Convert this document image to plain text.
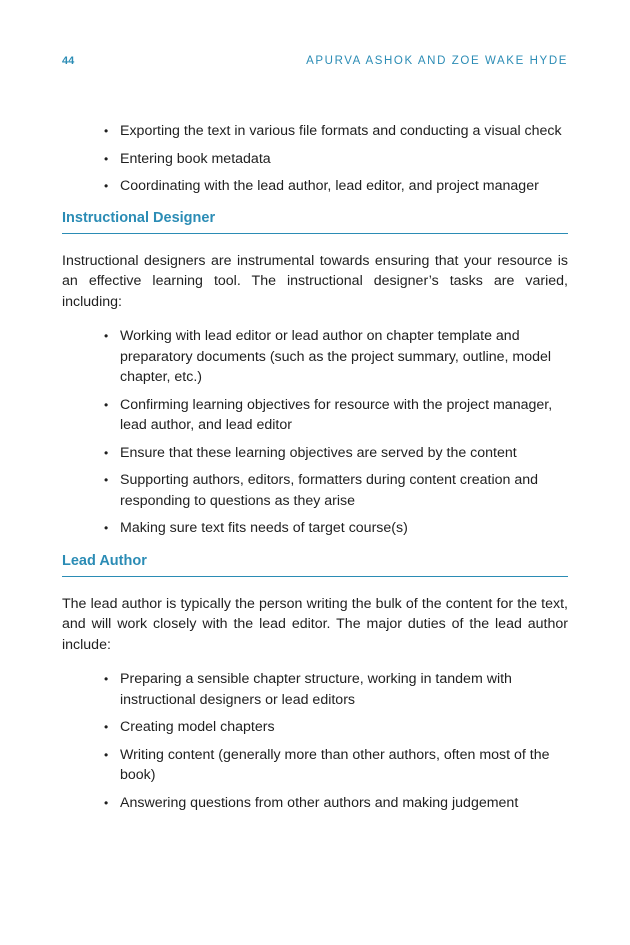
44	APURVA ASHOK AND ZOE WAKE HYDE
• Exporting the text in various file formats and conducting a visual check
• Entering book metadata
• Coordinating with the lead author, lead editor, and project manager
Instructional Designer

Instructional designers are instrumental towards ensuring that your resource is an effective learning tool. The instructional designer’s tasks are varied, including:

• Working with lead editor or lead author on chapter template and preparatory documents (such as the project summary, outline, model chapter, etc.)
• Confirming learning objectives for resource with the project manager, lead author, and lead editor
• Ensure that these learning objectives are served by the content
• Supporting authors, editors, formatters during content creation and responding to questions as they arise
• Making sure text fits needs of target course(s)
Lead Author

The lead author is typically the person writing the bulk of the content for the text, and will work closely with the lead editor. The major duties of the lead author include:

• Preparing a sensible chapter structure, working in tandem with instructional designers or lead editors
• Creating model chapters
• Writing content (generally more than other authors, often most of the book)
• Answering questions from other authors and making judgement
